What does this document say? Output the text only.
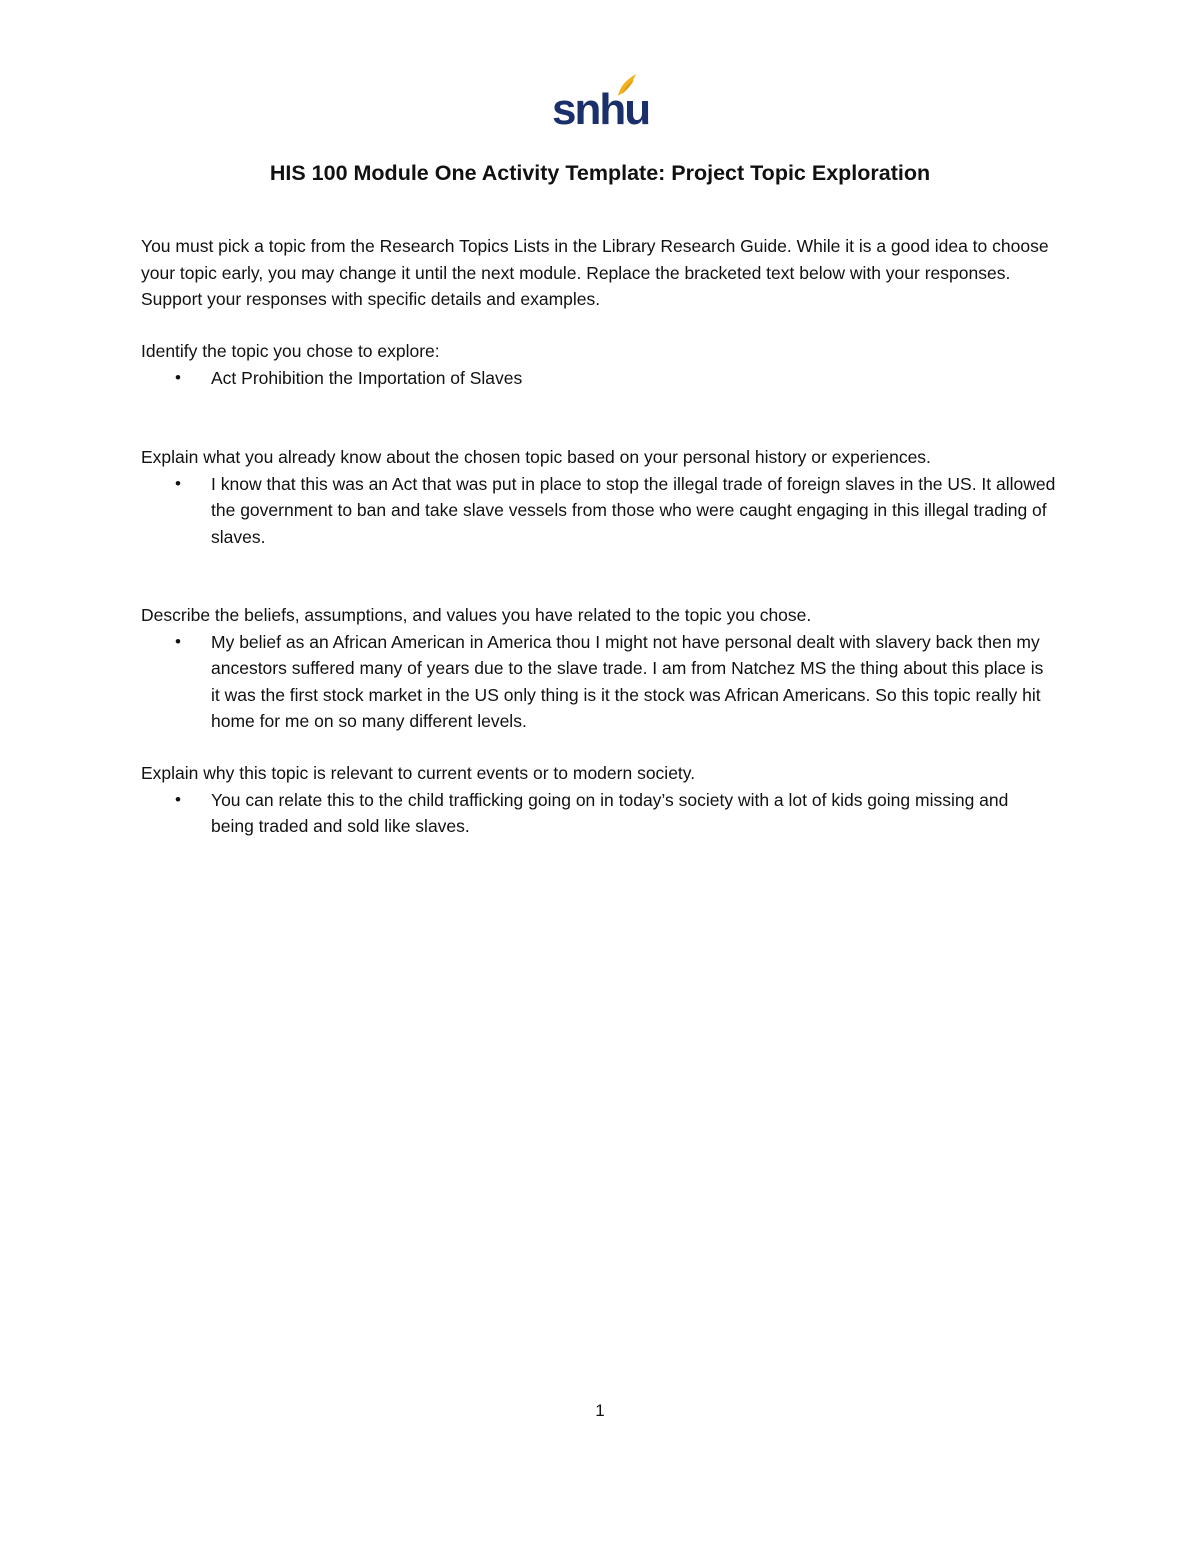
snhu
HIS 100 Module One Activity Template: Project Topic Exploration

You must pick a topic from the Research Topics Lists in the Library Research Guide. While it is a good idea to choose your topic early, you may change it until the next module. Replace the bracketed text below with your responses. Support your responses with specific details and examples.

Identify the topic you chose to explore:

• Act Prohibition the Importation of Slaves

Explain what you already know about the chosen topic based on your personal history or experiences.

• I know that this was an Act that was put in place to stop the illegal trade of foreign slaves in the US. It allowed the government to ban and take slave vessels from those who were caught engaging in this illegal trading of slaves.

Describe the beliefs, assumptions, and values you have related to the topic you chose.

• My belief as an African American in America thou I might not have personal dealt with slavery back then my ancestors suffered many of years due to the slave trade. I am from Natchez MS the thing about this place is it was the first stock market in the US only thing is it the stock was African Americans. So this topic really hit home for me on so many different levels.

Explain why this topic is relevant to current events or to modern society.

• You can relate this to the child trafficking going on in today’s society with a lot of kids going missing and being traded and sold like slaves.

1
